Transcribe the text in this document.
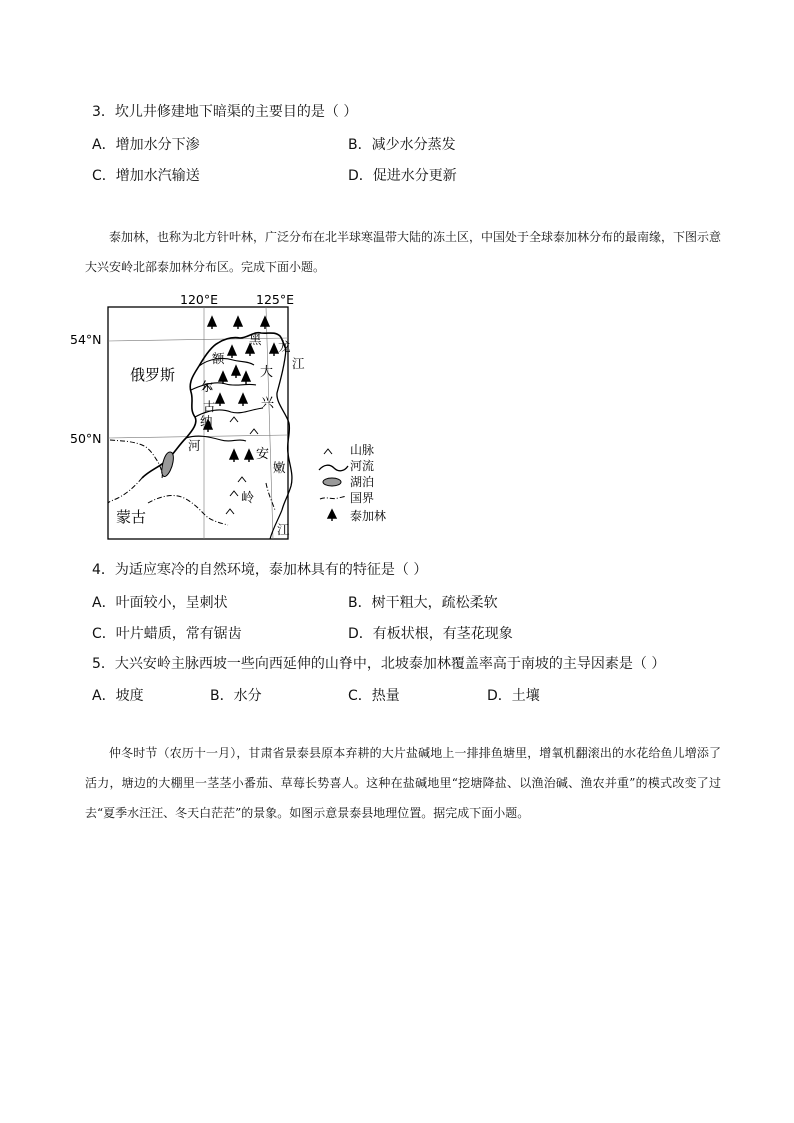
3．坎儿井修建地下暗渠的主要目的是（ ）
A．增加水分下渗	B．减少水分蒸发
C．增加水汽输送	D．促进水分更新
泰加林，也称为北方针叶林，广泛分布在北半球寒温带大陆的冻土区，中国处于全球泰加林分布的最南缘，下图示意大兴安岭北部泰加林分布区。完成下面小题。
120°E	125°E
54°N
50°N
俄罗斯
蒙古
额
尔
古
纳
河
黑 龙
江
大
兴
安
岭
嫩
江
山脉
河流
湖泊
国界
泰加林
4．为适应寒冷的自然环境，泰加林具有的特征是（ ）
A．叶面较小，呈刺状	B．树干粗大，疏松柔软
C．叶片蜡质，常有锯齿	D．有板状根，有茎花现象
5．大兴安岭主脉西坡一些向西延伸的山脊中，北坡泰加林覆盖率高于南坡的主导因素是（ ）
A．坡度	B．水分	C．热量	D．土壤
仲冬时节（农历十一月），甘肃省景泰县原本弃耕的大片盐碱地上一排排鱼塘里，增氧机翻滚出的水花给鱼儿增添了活力，塘边的大棚里一茎茎小番茄、草莓长势喜人。这种在盐碱地里“挖塘降盐、以渔治碱、渔农并重”的模式改变了过去“夏季水汪汪、冬天白茫茫”的景象。如图示意景泰县地理位置。据完成下面小题。
